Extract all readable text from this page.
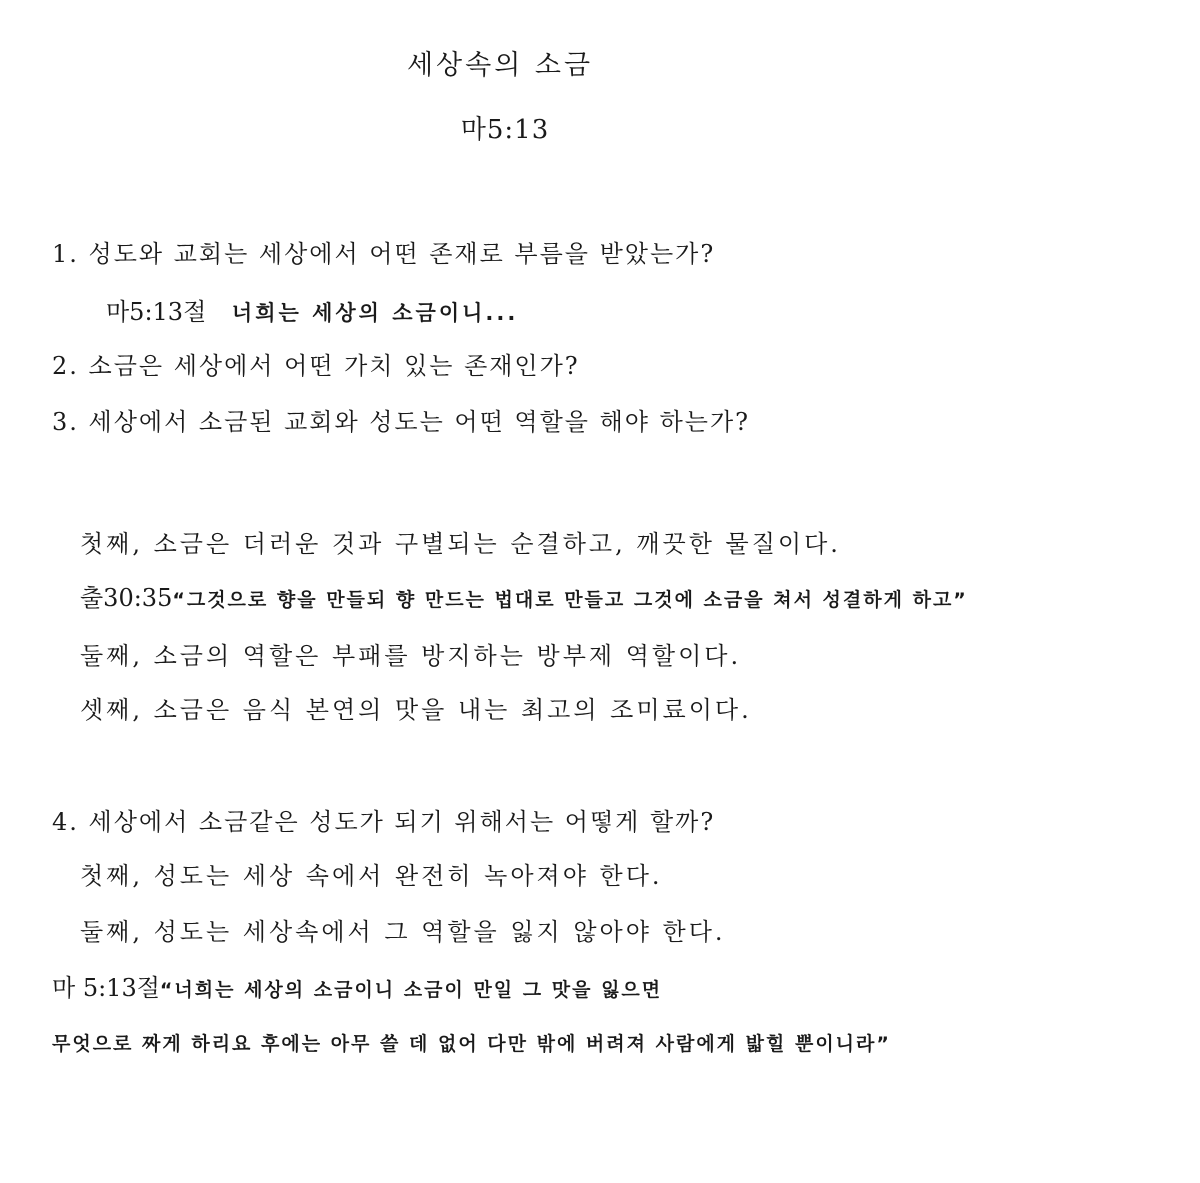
세상속의 소금
마5:13
1. 성도와 교회는 세상에서 어떤 존재로 부름을 받았는가?
마5:13절 너희는 세상의 소금이니...
2. 소금은 세상에서 어떤 가치 있는 존재인가?
3. 세상에서 소금된 교회와 성도는 어떤 역할을 해야 하는가?
첫째, 소금은 더러운 것과 구별되는 순결하고, 깨끗한 물질이다.
출30:35“그것으로 향을 만들되 향 만드는 법대로 만들고 그것에 소금을 쳐서 성결하게 하고”
둘째, 소금의 역할은 부패를 방지하는 방부제 역할이다.
셋째, 소금은 음식 본연의 맛을 내는 최고의 조미료이다.
4. 세상에서 소금같은 성도가 되기 위해서는 어떻게 할까?
첫째, 성도는 세상 속에서 완전히 녹아져야 한다.
둘째, 성도는 세상속에서 그 역할을 잃지 않아야 한다.
마 5:13절“너희는 세상의 소금이니 소금이 만일 그 맛을 잃으면
무엇으로 짜게 하리요 후에는 아무 쓸 데 없어 다만 밖에 버려져 사람에게 밟힐 뿐이니라”
